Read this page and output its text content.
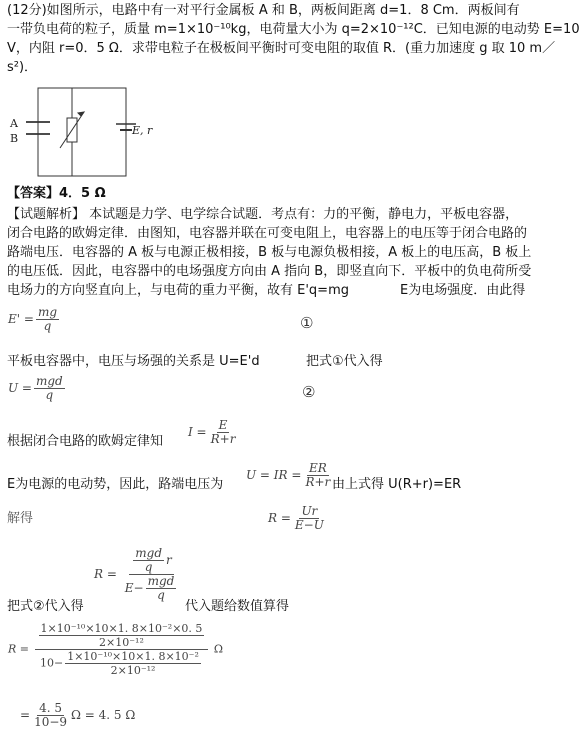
(12分)如图所示，电路中有一对平行金属板 A 和 B，两板间距离 d=1．8 Cm．两板间有
一带负电荷的粒子，质量 m=1×10⁻¹⁰kg，电荷量大小为 q=2×10⁻¹²C．已知电源的电动势 E=10
V，内阻 r=0．5 Ω．求带电粒子在极板间平衡时可变电阻的取值 R．(重力加速度 g 取 10 m／
s²)．
A
B
E, r
【答案】4．5 Ω
【试题解析】 本试题是力学、电学综合试题．考点有：力的平衡，静电力，平板电容器，
闭合电路的欧姆定律．由图知，电容器并联在可变电阻上，电容器上的电压等于闭合电路的
路端电压．电容器的 A 板与电源正极相接，B 板与电源负极相接，A 板上的电压高，B 板上
的电压低．因此，电容器中的电场强度方向由 A 指向 B，即竖直向下．平板中的负电荷所受
电场力的方向竖直向上，与电荷的重力平衡，故有 E'q=mg	E为电场强度．由此得
$E' = \frac{mg}{q}$	①
平板电容器中，电压与场强的关系是 U=E'd	把式①代入得
$U = \frac{\text{mgd}}{q}$	②
根据闭合电路的欧姆定律知
$I = \frac{E}{R+r}$
E为电源的电动势，因此，路端电压为
U = IR = $\frac{ER}{R+r}$ 由上式得 U(R+r)=ER
解得	$R = \frac{Ur}{E-U}$
$R = \frac{\frac{\text{mgd}}{q} r}{E- \frac{\text{mgd}}{q}}$
把式②代入得	代入题给数值算得
$R = \frac{\frac{\text{1×10⁻¹⁰×10×1. 8×10⁻²×0. 5}}{\text{2×10⁻¹²}}}{10- \frac{\text{1×10⁻¹⁰×10×1. 8×10⁻²}}{\text{2×10⁻¹²}}}$ Ω
= $\frac{4. 5}{10-9}$ Ω = 4. 5 Ω
